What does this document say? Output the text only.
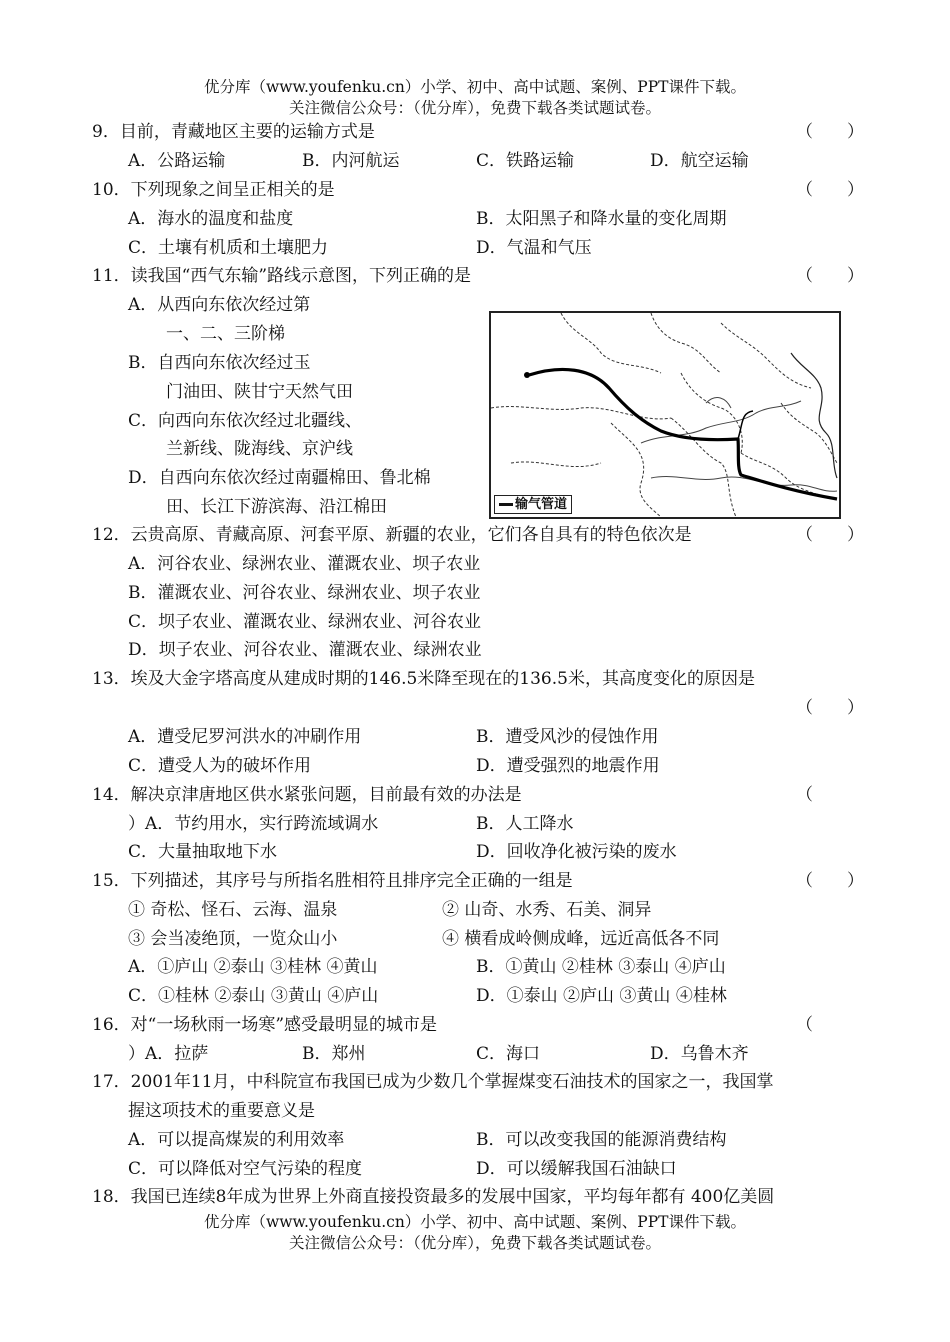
优分库（www.youfenku.cn）小学、初中、高中试题、案例、PPT课件下载。
关注微信公众号：（优分库），免费下载各类试题试卷。
9．目前，青藏地区主要的运输方式是	（　　）
A．公路运输	B．内河航运	C．铁路运输	D．航空运输
10．下列现象之间呈正相关的是	（　　）
A．海水的温度和盐度	B．太阳黑子和降水量的变化周期
C．土壤有机质和土壤肥力	D．气温和气压
11．读我国“西气东输”路线示意图，下列正确的是	（　　）
A．从西向东依次经过第
一、二、三阶梯
B．自西向东依次经过玉
门油田、陕甘宁天然气田
C．向西向东依次经过北疆线、
兰新线、陇海线、京沪线
D．自西向东依次经过南疆棉田、鲁北棉
田、长江下游滨海、沿江棉田	输气管道
12．云贵高原、青藏高原、河套平原、新疆的农业，它们各自具有的特色依次是	（　　）
A．河谷农业、绿洲农业、灌溉农业、坝子农业
B．灌溉农业、河谷农业、绿洲农业、坝子农业
C．坝子农业、灌溉农业、绿洲农业、河谷农业
D．坝子农业、河谷农业、灌溉农业、绿洲农业
13．埃及大金字塔高度从建成时期的146.5米降至现在的136.5米，其高度变化的原因是
（　　）
A．遭受尼罗河洪水的冲刷作用	B．遭受风沙的侵蚀作用
C．遭受人为的破坏作用	D．遭受强烈的地震作用
14．解决京津唐地区供水紧张问题，目前最有效的办法是	（
）A．节约用水，实行跨流域调水	B．人工降水
C．大量抽取地下水	D．回收净化被污染的废水
15．下列描述，其序号与所指名胜相符且排序完全正确的一组是	（　　）
① 奇松、怪石、云海、温泉	② 山奇、水秀、石美、洞异
③ 会当凌绝顶，一览众山小	④ 横看成岭侧成峰，远近高低各不同
A．①庐山 ②泰山 ③桂林 ④黄山	B．①黄山 ②桂林 ③泰山 ④庐山
C．①桂林 ②泰山 ③黄山 ④庐山	D．①泰山 ②庐山 ③黄山 ④桂林
16．对“一场秋雨一场寒”感受最明显的城市是	（
）A．拉萨	B．郑州	C．海口	D．乌鲁木齐
17．2001年11月，中科院宣布我国已成为少数几个掌握煤变石油技术的国家之一，我国掌
握这项技术的重要意义是
A．可以提高煤炭的利用效率	B．可以改变我国的能源消费结构
C．可以降低对空气污染的程度	D．可以缓解我国石油缺口
18．我国已连续8年成为世界上外商直接投资最多的发展中国家，平均每年都有 400亿美圆
优分库（www.youfenku.cn）小学、初中、高中试题、案例、PPT课件下载。
关注微信公众号：（优分库），免费下载各类试题试卷。
